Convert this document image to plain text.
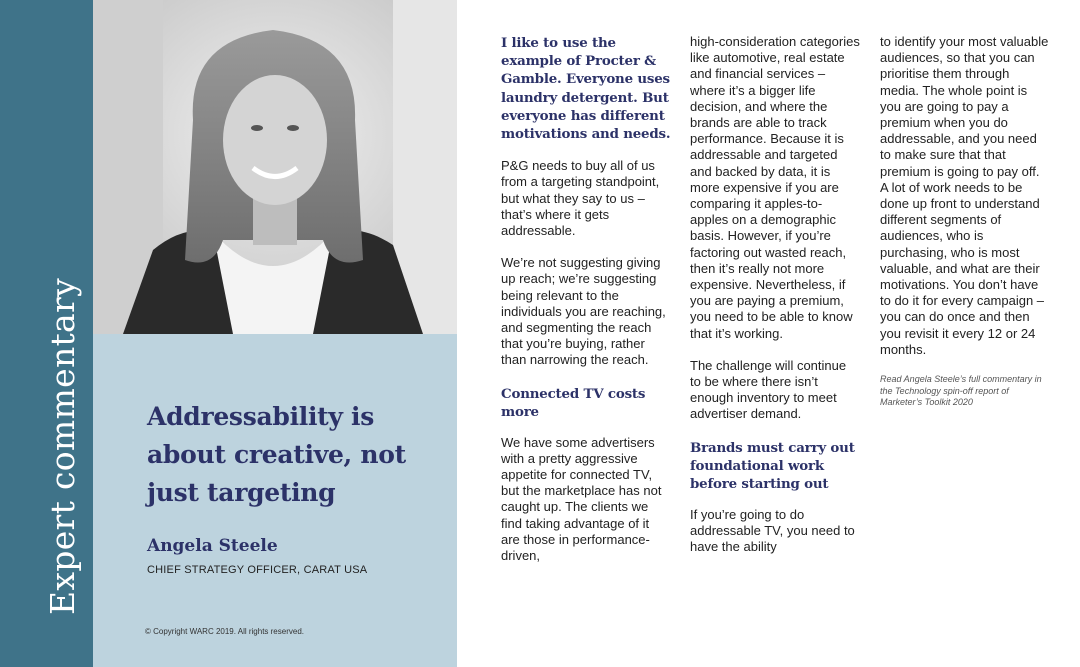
Expert commentary	Addressability is about creative, not just targeting
Angela Steele
CHIEF STRATEGY OFFICER, CARAT USA
© Copyright WARC 2019. All rights reserved.

I like to use the example of Procter & Gamble. Everyone uses laundry detergent. But everyone has different motivations and needs.

P&G needs to buy all of us from a targeting standpoint, but what they say to us – that’s where it gets addressable.

We’re not suggesting giving up reach; we’re suggesting being relevant to the individuals you are reaching, and segmenting the reach that you’re buying, rather than narrowing the reach.

Connected TV costs more

We have some advertisers with a pretty aggressive appetite for connected TV, but the marketplace has not caught up. The clients we find taking advantage of it are those in performance-driven,

high-consideration categories like automotive, real estate and financial services – where it’s a bigger life decision, and where the brands are able to track performance. Because it is addressable and targeted and backed by data, it is more expensive if you are comparing it apples-to-apples on a demographic basis. However, if you’re factoring out wasted reach, then it’s really not more expensive. Nevertheless, if you are paying a premium, you need to be able to know that it’s working.

The challenge will continue to be where there isn’t enough inventory to meet advertiser demand.

Brands must carry out foundational work before starting out

If you’re going to do addressable TV, you need to have the ability

to identify your most valuable audiences, so that you can prioritise them through media. The whole point is you are going to pay a premium when you do addressable, and you need to make sure that that premium is going to pay off. A lot of work needs to be done up front to understand different segments of audiences, who is purchasing, who is most valuable, and what are their motivations. You don’t have to do it for every campaign – you can do once and then you revisit it every 12 or 24 months.

Read Angela Steele’s full commentary in the Technology spin-off report of Marketer’s Toolkit 2020
